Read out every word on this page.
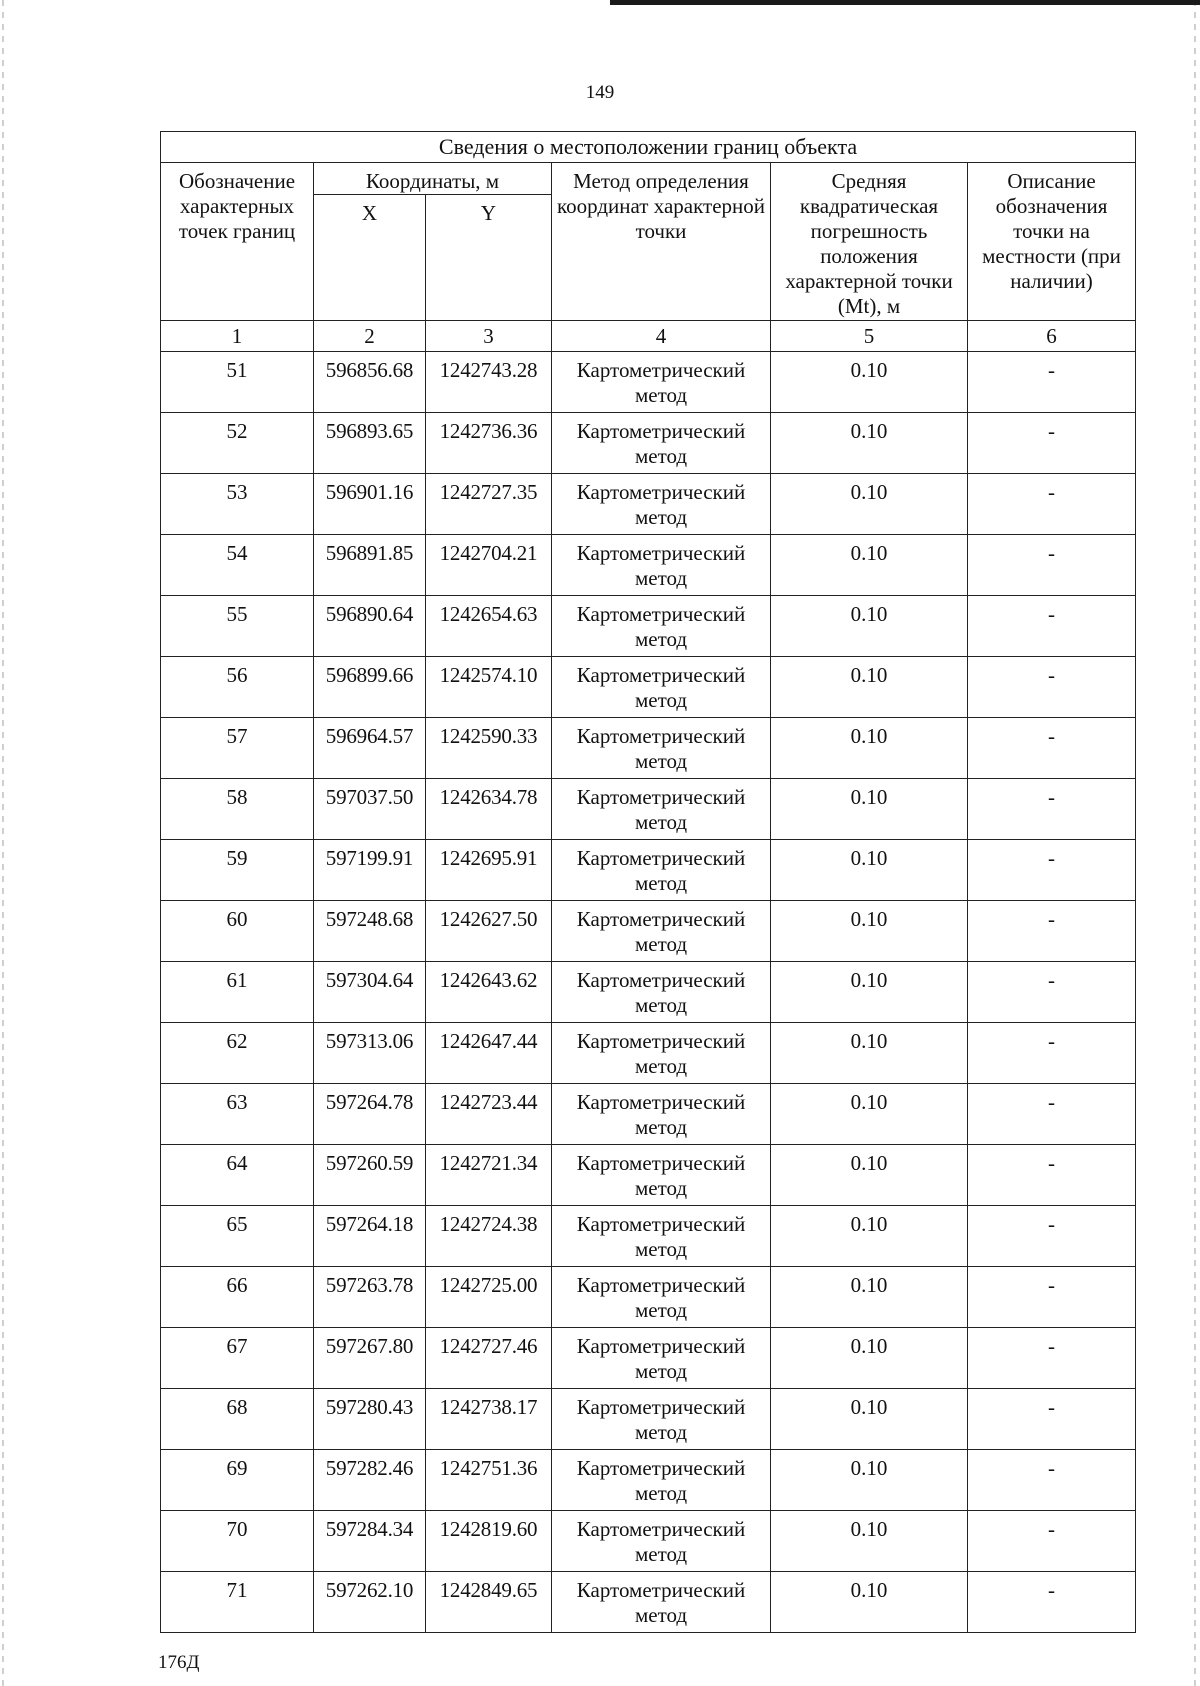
149
Сведения о местоположении границ объекта					
Обозначение характерных точек границ	Координаты, м		Метод определения координат характерной точки	Средняя квадратическая погрешность положения характерной точки (Mt), м	Описание обозначения точки на местности (при наличии)
	X	Y			
1	2	3	4	5	6
51	596856.68	1242743.28	Картометрический метод	0.10	-
52	596893.65	1242736.36	Картометрический метод	0.10	-
53	596901.16	1242727.35	Картометрический метод	0.10	-
54	596891.85	1242704.21	Картометрический метод	0.10	-
55	596890.64	1242654.63	Картометрический метод	0.10	-
56	596899.66	1242574.10	Картометрический метод	0.10	-
57	596964.57	1242590.33	Картометрический метод	0.10	-
58	597037.50	1242634.78	Картометрический метод	0.10	-
59	597199.91	1242695.91	Картометрический метод	0.10	-
60	597248.68	1242627.50	Картометрический метод	0.10	-
61	597304.64	1242643.62	Картометрический метод	0.10	-
62	597313.06	1242647.44	Картометрический метод	0.10	-
63	597264.78	1242723.44	Картометрический метод	0.10	-
64	597260.59	1242721.34	Картометрический метод	0.10	-
65	597264.18	1242724.38	Картометрический метод	0.10	-
66	597263.78	1242725.00	Картометрический метод	0.10	-
67	597267.80	1242727.46	Картометрический метод	0.10	-
68	597280.43	1242738.17	Картометрический метод	0.10	-
69	597282.46	1242751.36	Картометрический метод	0.10	-
70	597284.34	1242819.60	Картометрический метод	0.10	-
71	597262.10	1242849.65	Картометрический метод	0.10	-
176Д
